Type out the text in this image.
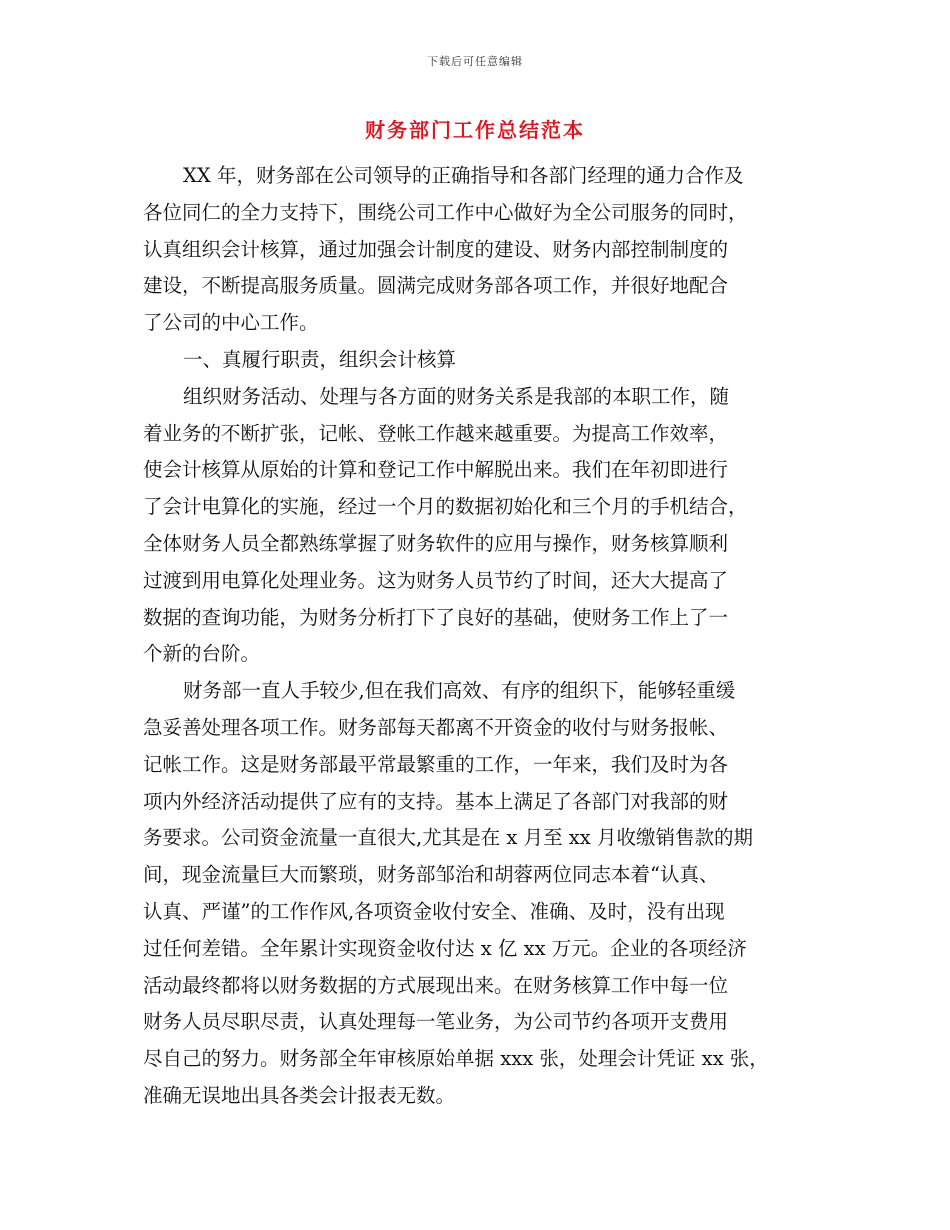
下载后可任意编辑
财务部门工作总结范本
XX 年，财务部在公司领导的正确指导和各部门经理的通力合作及
各位同仁的全力支持下，围绕公司工作中心做好为全公司服务的同时，
认真组织会计核算，通过加强会计制度的建设、财务内部控制制度的
建设，不断提高服务质量。圆满完成财务部各项工作，并很好地配合
了公司的中心工作。
一、真履行职责，组织会计核算
组织财务活动、处理与各方面的财务关系是我部的本职工作，随
着业务的不断扩张，记帐、登帐工作越来越重要。为提高工作效率，
使会计核算从原始的计算和登记工作中解脱出来。我们在年初即进行
了会计电算化的实施，经过一个月的数据初始化和三个月的手机结合，
全体财务人员全都熟练掌握了财务软件的应用与操作，财务核算顺利
过渡到用电算化处理业务。这为财务人员节约了时间，还大大提高了
数据的查询功能，为财务分析打下了良好的基础，使财务工作上了一
个新的台阶。
财务部一直人手较少,但在我们高效、有序的组织下，能够轻重缓
急妥善处理各项工作。财务部每天都离不开资金的收付与财务报帐、
记帐工作。这是财务部最平常最繁重的工作，一年来，我们及时为各
项内外经济活动提供了应有的支持。基本上满足了各部门对我部的财
务要求。公司资金流量一直很大,尤其是在 x 月至 xx 月收缴销售款的期
间，现金流量巨大而繁琐，财务部邹治和胡蓉两位同志本着“认真、
认真、严谨”的工作作风,各项资金收付安全、准确、及时，没有出现
过任何差错。全年累计实现资金收付达 x 亿 xx 万元。企业的各项经济
活动最终都将以财务数据的方式展现出来。在财务核算工作中每一位
财务人员尽职尽责，认真处理每一笔业务，为公司节约各项开支费用
尽自己的努力。财务部全年审核原始单据 xxx 张，处理会计凭证 xx 张，
准确无误地出具各类会计报表无数。
